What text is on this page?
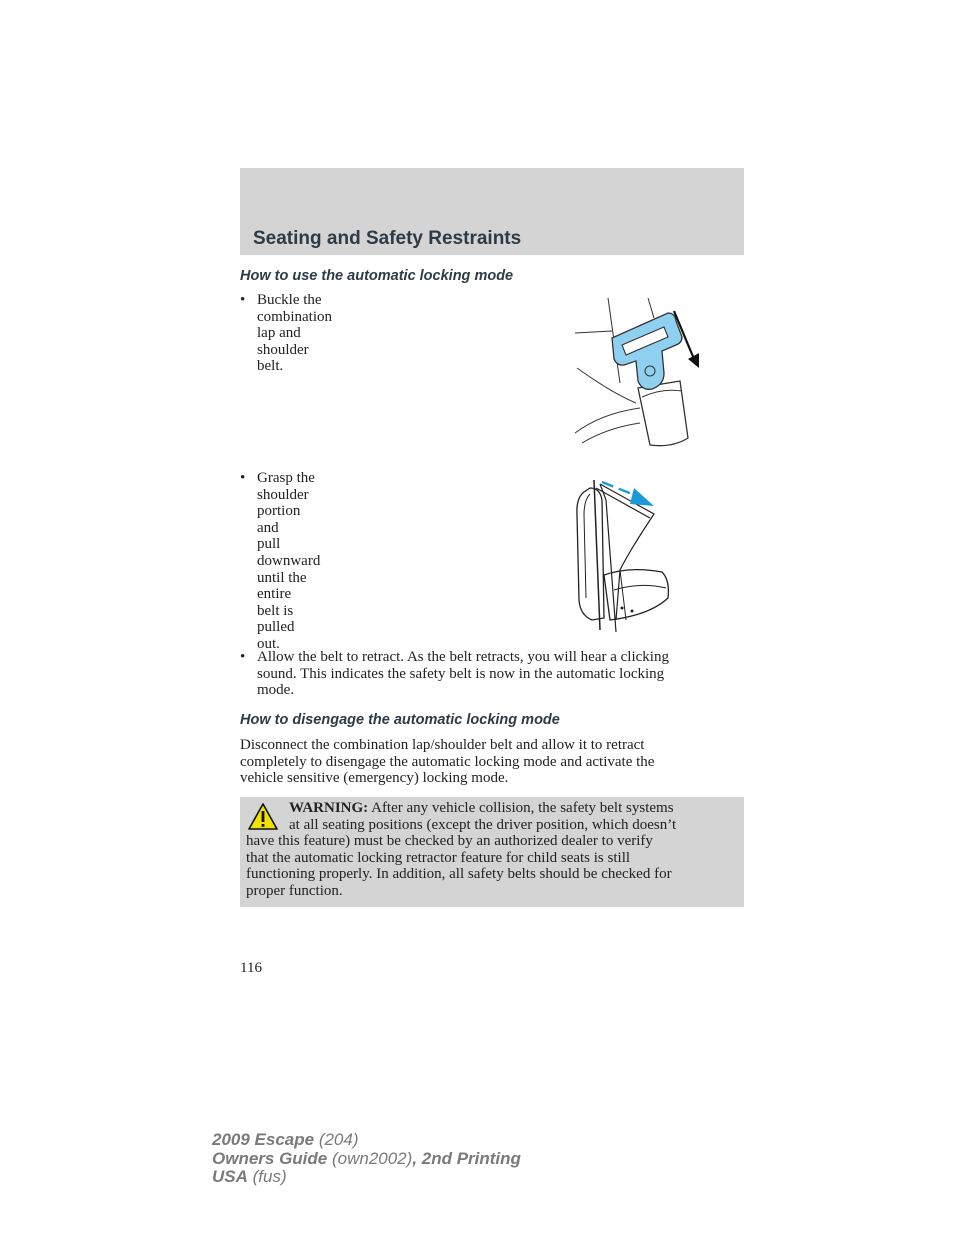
Seating and Safety Restraints
How to use the automatic locking mode
• Buckle the combination lap and
shoulder belt.
• Grasp the shoulder portion and
pull downward until the entire
belt is pulled out.
• Allow the belt to retract. As the belt retracts, you will hear a clicking
sound. This indicates the safety belt is now in the automatic locking
mode.
How to disengage the automatic locking mode
Disconnect the combination lap/shoulder belt and allow it to retract
completely to disengage the automatic locking mode and activate the
vehicle sensitive (emergency) locking mode.
WARNING: After any vehicle collision, the safety belt systems
at all seating positions (except the driver position, which doesn’t
have this feature) must be checked by an authorized dealer to verify
that the automatic locking retractor feature for child seats is still
functioning properly. In addition, all safety belts should be checked for
proper function.
116
2009 Escape (204)
Owners Guide (own2002), 2nd Printing
USA (fus)
